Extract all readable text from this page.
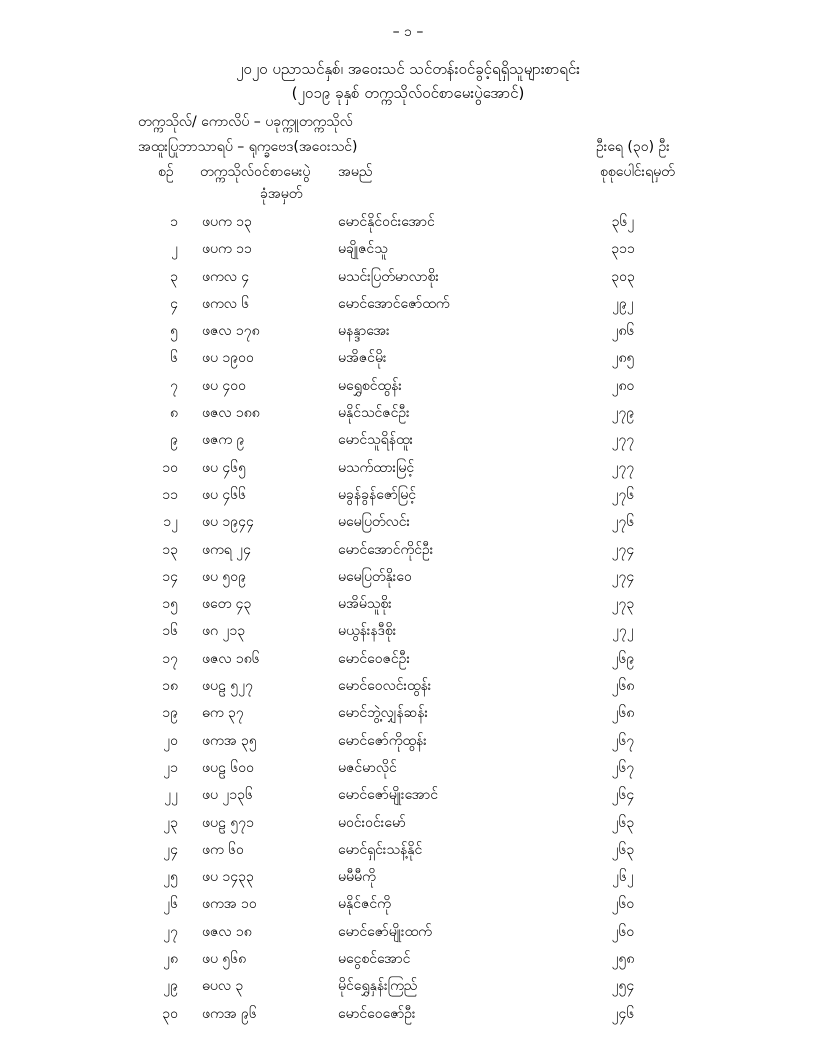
– ၁ –
၂၀၂၀ ပညာသင်နှစ်၊ အဝေးသင် သင်တန်းဝင်ခွင့်ရရှိသူများစာရင်း
(၂၀၁၉ ခုနှစ် တက္ကသိုလ်ဝင်စာမေးပွဲအောင်)
တက္ကသိုလ်/ ကောလိပ် – ပခုက္ကူတက္ကသိုလ်
အထူးပြုဘာသာရပ် – ရုက္ခဗေဒ(အဝေးသင်)	ဦးရေ (၃၀) ဦး
စဉ် တက္ကသိုလ်ဝင်စာမေးပွဲ
ခုံအမှတ်
အမည်	စုစုပေါင်းရမှတ်
၁ ဖပက ၁၃	မောင်နိုင်ဝင်းအောင်	၃၆၂
၂ ဖပက ၁၁	မချိုဇင်သူ	၃၁၁
၃ ဖကလ ၄	မသင်းပြတ်မာလာစိုး	၃၀၃
၄ ဖကလ ၆	မောင်အောင်ဇော်ထက်	၂၉၂
၅ ဖဇလ ၁၇၈	မနန္ဒာအေး	၂၈၆
၆ ဖပ ၁၉၀၀	မအိဇင်မိုး	၂၈၅
၇ ဖပ ၄၀၀	မရွှေစင်ထွန်း	၂၈၀
၈ ဖဇလ ၁၈၈	မနိုင်သင်ဇင်ဦး	၂၇၉
၉ ဖဇက ၉	မောင်သူရိန်ထူး	၂၇၇
၁၀ ဖပ ၄၆၅	မသက်ထားမြင့်	၂၇၇
၁၁ ဖပ ၄၆၆	မခွန်ခွန်ဇော်မြင့်	၂၇၆
၁၂ ဖပ ၁၉၄၄	မမေပြတ်လင်း	၂၇၆
၁၃ ဖကရ ၂၄	မောင်အောင်ကိုင်ဦး	၂၇၄
၁၄ ဖပ ၅၀၉	မမေပြတ်နိုးဝေ	၂၇၄
၁၅ ဖတေ ၄၃	မအိမ်သူစိုး	၂၇၃
၁၆ ဖဂ ၂၁၃	မယွန်းနဒီစိုး	၂၇၂
၁၇ ဖဇလ ၁၈၆	မောင်ဝေဇင်ဦး	၂၆၉
၁၈ ဖပဠ ၅၂၇	မောင်ဝေလင်းထွန်း	၂၆၈
၁၉ ဓက ၃၇	မောင်ဘွဲ့လျှန်ဆန်း	၂၆၈
၂၀ ဖကအ ၃၅	မောင်ဇော်ကိုထွန်း	၂၆၇
၂၁ ဖပဠ ၆၀၀	မဇင်မာလိုင်	၂၆၇
၂၂ ဖပ ၂၁၃၆	မောင်ဇော်မျိုးအောင်	၂၆၄
၂၃ ဖပဠ ၅၇၁	မဝင်းဝင်းမော်	၂၆၃
၂၄ ဖက ၆၀	မောင်ရှင်းသန့်နိုင်	၂၆၃
၂၅ ဖပ ၁၄၃၃	မမီမီကို	၂၆၂
၂၆ ဖကအ ၁၀	မနိုင်ဇင်ကို	၂၆၀
၂၇ ဖဇလ ၁၈	မောင်ဇော်မျိုးထက်	၂၆၀
၂၈ ဖပ ၅၆၈	မငွေစင်အောင်	၂၅၈
၂၉ ဓပလ ၃	မိုင်ရွှေနှန်းကြည်	၂၅၄
၃၀ ဖကအ ၉၆	မောင်ဝေဇော်ဦး	၂၄၆
